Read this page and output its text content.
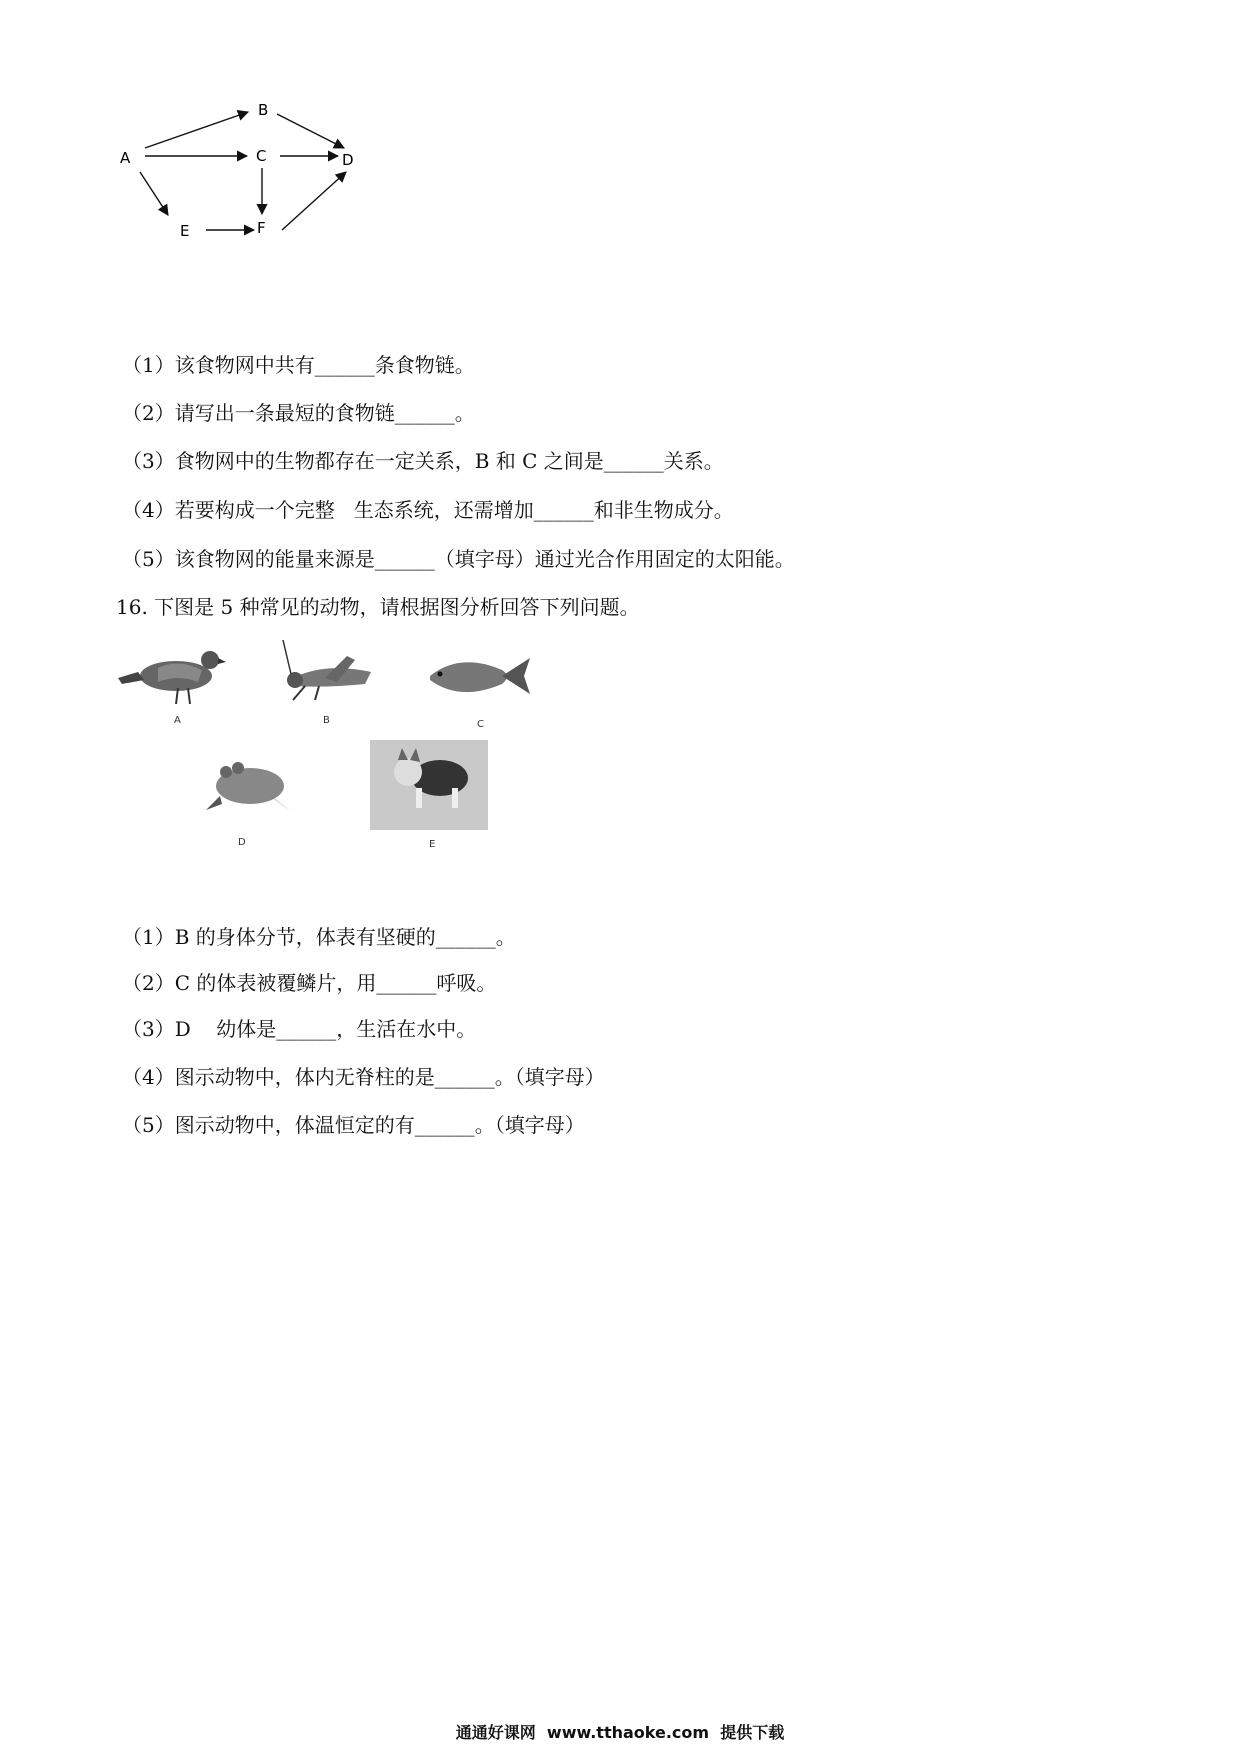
A
B
C	D
E	F
（1）该食物网中共有______条食物链。
（2）请写出一条最短的食物链______。
（3）食物网中的生物都存在一定关系，B 和 C 之间是______关系。
（4）若要构成一个完整   生态系统，还需增加______和非生物成分。
（5）该食物网的能量来源是______（填字母）通过光合作用固定的太阳能。
16. 下图是 5 种常见的动物，请根据图分析回答下列问题。
A	B	C
D	E
（1）B 的身体分节，体表有坚硬的______。
（2）C 的体表被覆鳞片，用______呼吸。
（3）D    幼体是______，生活在水中。
（4）图示动物中，体内无脊柱的是______。（填字母）
（5）图示动物中，体温恒定的有______。（填字母）
通通好课网  www.tthaoke.com  提供下载
